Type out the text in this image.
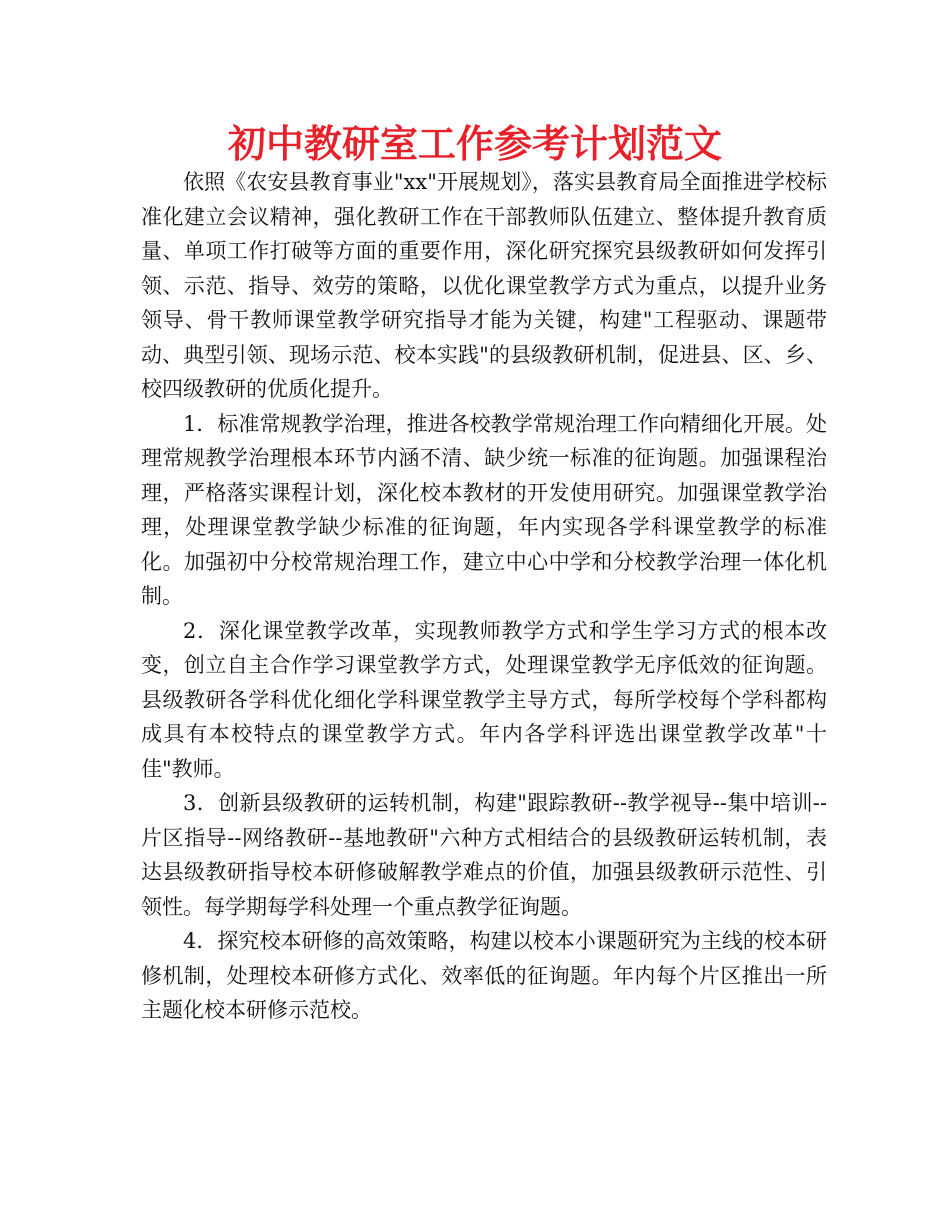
初中教研室工作参考计划范文

依照《农安县教育事业"xx"开展规划》，落实县教育局全面推进学校标准化建立会议精神，强化教研工作在干部教师队伍建立、整体提升教育质量、单项工作打破等方面的重要作用，深化研究探究县级教研如何发挥引领、示范、指导、效劳的策略，以优化课堂教学方式为重点，以提升业务领导、骨干教师课堂教学研究指导才能为关键，构建"工程驱动、课题带动、典型引领、现场示范、校本实践"的县级教研机制，促进县、区、乡、校四级教研的优质化提升。

1．标准常规教学治理，推进各校教学常规治理工作向精细化开展。处理常规教学治理根本环节内涵不清、缺少统一标准的征询题。加强课程治理，严格落实课程计划，深化校本教材的开发使用研究。加强课堂教学治理，处理课堂教学缺少标准的征询题，年内实现各学科课堂教学的标准化。加强初中分校常规治理工作，建立中心中学和分校教学治理一体化机制。

2．深化课堂教学改革，实现教师教学方式和学生学习方式的根本改变，创立自主合作学习课堂教学方式，处理课堂教学无序低效的征询题。县级教研各学科优化细化学科课堂教学主导方式，每所学校每个学科都构成具有本校特点的课堂教学方式。年内各学科评选出课堂教学改革"十佳"教师。

3．创新县级教研的运转机制，构建"跟踪教研--教学视导--集中培训--片区指导--网络教研--基地教研"六种方式相结合的县级教研运转机制，表达县级教研指导校本研修破解教学难点的价值，加强县级教研示范性、引领性。每学期每学科处理一个重点教学征询题。

4．探究校本研修的高效策略，构建以校本小课题研究为主线的校本研修机制，处理校本研修方式化、效率低的征询题。年内每个片区推出一所主题化校本研修示范校。
